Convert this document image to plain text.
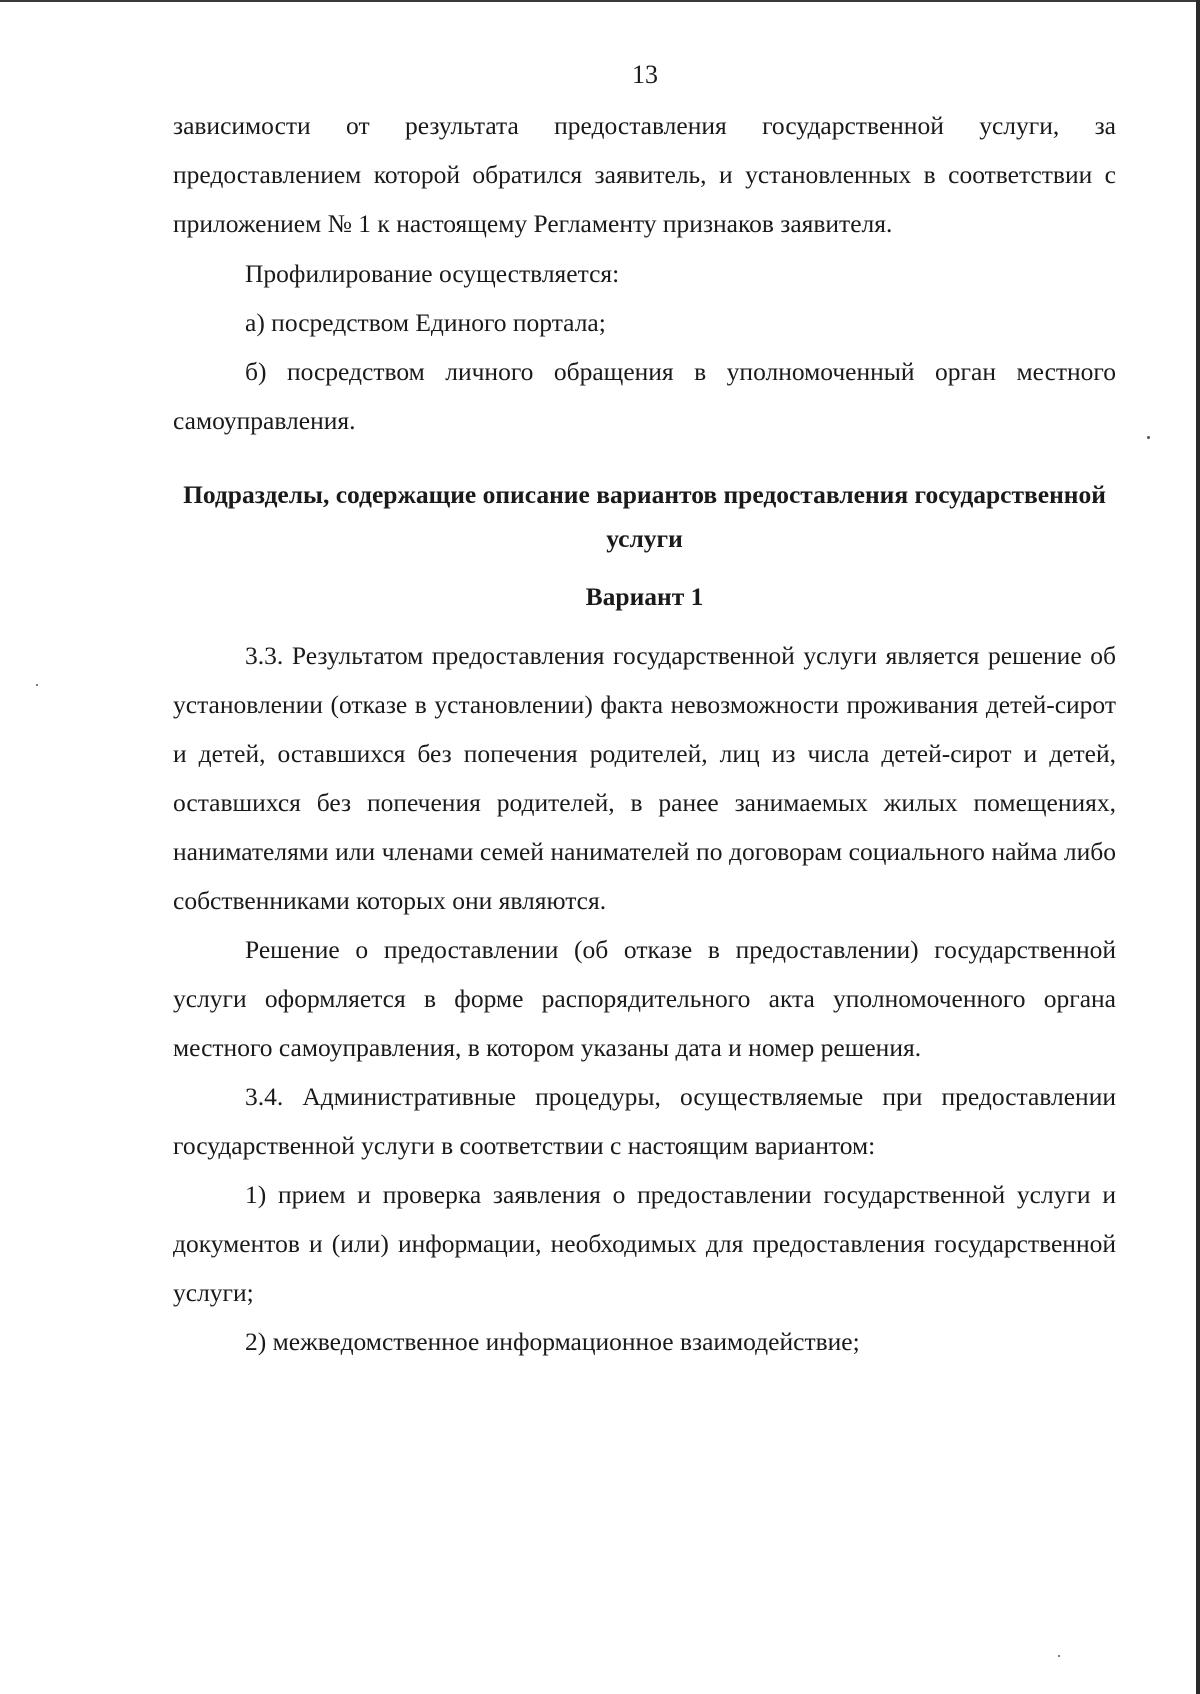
13

зависимости от результата предоставления государственной услуги, за предоставлением которой обратился заявитель, и установленных в соответствии с приложением № 1 к настоящему Регламенту признаков заявителя.

Профилирование осуществляется:

а) посредством Единого портала;

б) посредством личного обращения в уполномоченный орган местного самоуправления.

Подразделы, содержащие описание вариантов предоставления государственной услуги

Вариант 1

3.3. Результатом предоставления государственной услуги является решение об установлении (отказе в установлении) факта невозможности проживания детей-сирот и детей, оставшихся без попечения родителей, лиц из числа детей-сирот и детей, оставшихся без попечения родителей, в ранее занимаемых жилых помещениях, нанимателями или членами семей нанимателей по договорам социального найма либо собственниками которых они являются.

Решение о предоставлении (об отказе в предоставлении) государственной услуги оформляется в форме распорядительного акта уполномоченного органа местного самоуправления, в котором указаны дата и номер решения.

3.4. Административные процедуры, осуществляемые при предоставлении государственной услуги в соответствии с настоящим вариантом:

1) прием и проверка заявления о предоставлении государственной услуги и документов и (или) информации, необходимых для предоставления государственной услуги;

2) межведомственное информационное взаимодействие;
